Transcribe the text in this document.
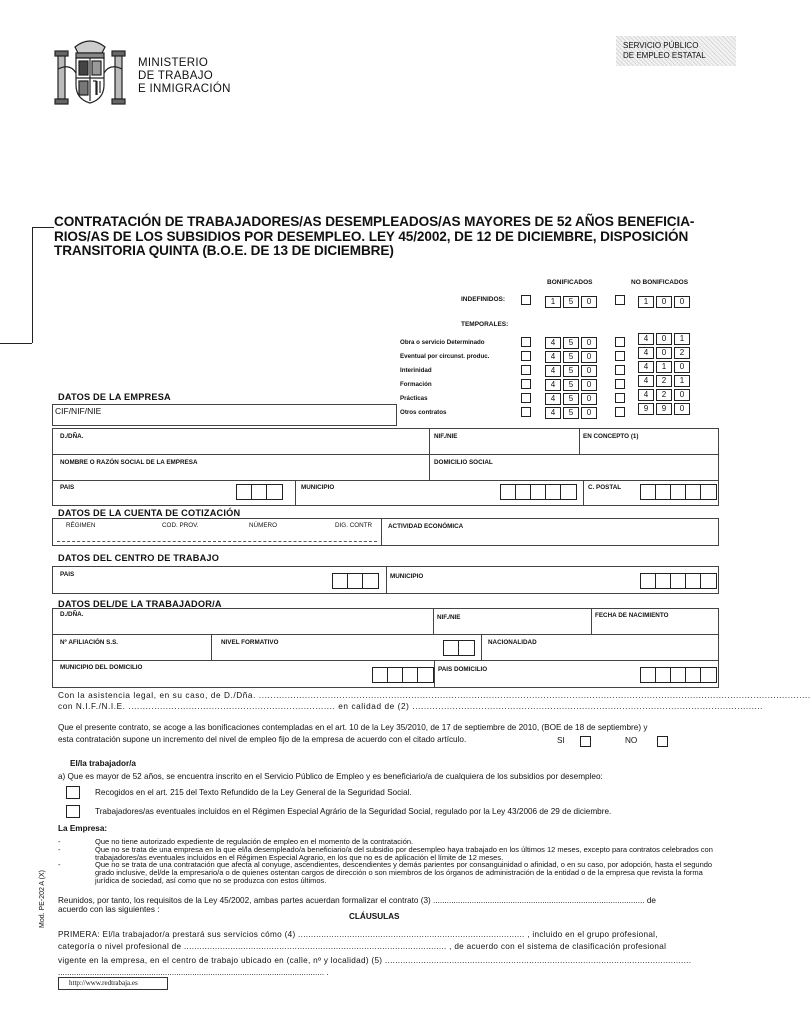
MINISTERIO
DE TRABAJO
E INMIGRACIÓN
SERVICIO PÚBLICO
DE EMPLEO ESTATAL
CONTRATACIÓN DE TRABAJADORES/AS DESEMPLEADOS/AS MAYORES DE 52 AÑOS BENEFICIA-RIOS/AS DE LOS SUBSIDIOS POR DESEMPLEO. LEY 45/2002, DE 12 DE DICIEMBRE, DISPOSICIÓN TRANSITORIA QUINTA (B.O.E. DE 13 DE DICIEMBRE)
BONIFICADOS	NO BONIFICADOS
INDEFINIDOS:	1	5	0	1	0	0
TEMPORALES:
Obra o servicio Determinado	4	5	0	4	0	1
Eventual por circunst. produc.	4	5	0	4	0	2
Interinidad	4	5	0	4	1	0
Formación	4	5	0	4	2	1
Prácticas	4	5	0	4	2	0
Otros contratos	4	5	0	9	9	0
DATOS DE LA EMPRESA
CIF/NIF/NIE
D./DÑA.	NIF./NIE	EN CONCEPTO (1)
NOMBRE O RAZÓN SOCIAL DE LA EMPRESA	DOMICILIO SOCIAL
PAIS	MUNICIPIO	C. POSTAL
DATOS DE LA CUENTA DE COTIZACIÓN
RÉGIMEN	COD. PROV.	NÚMERO	DIG. CONTR	ACTIVIDAD ECONÓMICA
DATOS DEL CENTRO DE TRABAJO
PAIS	MUNICIPIO
DATOS DEL/DE LA TRABAJADOR/A
D./DÑA.	NIF./NIE	FECHA DE NACIMIENTO
Nº AFILIACIÓN S.S.	NIVEL FORMATIVO	NACIONALIDAD
MUNICIPIO DEL DOMICILIO	PAIS DOMICILIO
Con la asistencia legal, en su caso, de D./Dña. ................................................................................................................................................................................................
con N.I.F./N.I.E. ........................................................................ en calidad de (2) ..........................................................................................................................
Que el presente contrato, se acoge a las bonificaciones contempladas en el art. 10 de la Ley 35/2010, de 17 de septiembre de 2010, (BOE de 18 de septiembre) y
esta contratación supone un incremento del nivel de empleo fijo de la empresa de acuerdo con el citado artículo.	SI	NO
El/la trabajador/a
a) Que es mayor de 52 años, se encuentra inscrito en el Servicio Público de Empleo y es beneficiario/a de cualquiera de los subsidios por desempleo:
Recogidos en el art. 215 del Texto Refundido de la Ley General de la Seguridad Social.
Trabajadores/as eventuales incluidos en el Régimen Especial Agrário de la Seguridad Social, regulado por la Ley 43/2006 de 29 de diciembre.
La Empresa:
-	Que no tiene autorizado expediente de regulación de empleo en el momento de la contratación.
-	Que no se trata de una empresa en la que el/la desempleado/a beneficiario/a del subsidio por desempleo haya trabajado en los últimos 12 meses, excepto para contratos celebrados con trabajadores/as eventuales incluidos en el Régimen Especial Agrario, en los que no es de aplicación el límite de 12 meses.
-	Que no se trata de una contratación que afecta al conyuge, ascendientes, descendientes y demás parientes por consanguinidad o afinidad, o en su caso, por adopción, hasta el segundo grado inclusive, del/de la empresario/a o de quienes ostentan cargos de dirección o son miembros de los órganos de administración de la entidad o de la empresa que revista la forma jurídica de sociedad, así como que no se produzca con estos últimos.
Reunidos, por tanto, los requisitos de la Ley 45/2002, ambas partes acuerdan formalizar el contrato (3) ............................................................................................. de
acuerdo con las siguientes :
CLÁUSULAS
PRIMERA: El/la trabajador/a prestará sus servicios cómo (4) ........................................................................................ , incluido en el grupo profesional,
categoría o nivel profesional de ...................................................................................................... , de acuerdo con el sistema de clasificación profesional
vigente en la empresa, en el centro de trabajo ubicado en (calle, nº y localidad) (5) .......................................................................................................................
..................................................................................................................... .
Mod. PE-202 A (X)
http://www.redtrabaja.es
